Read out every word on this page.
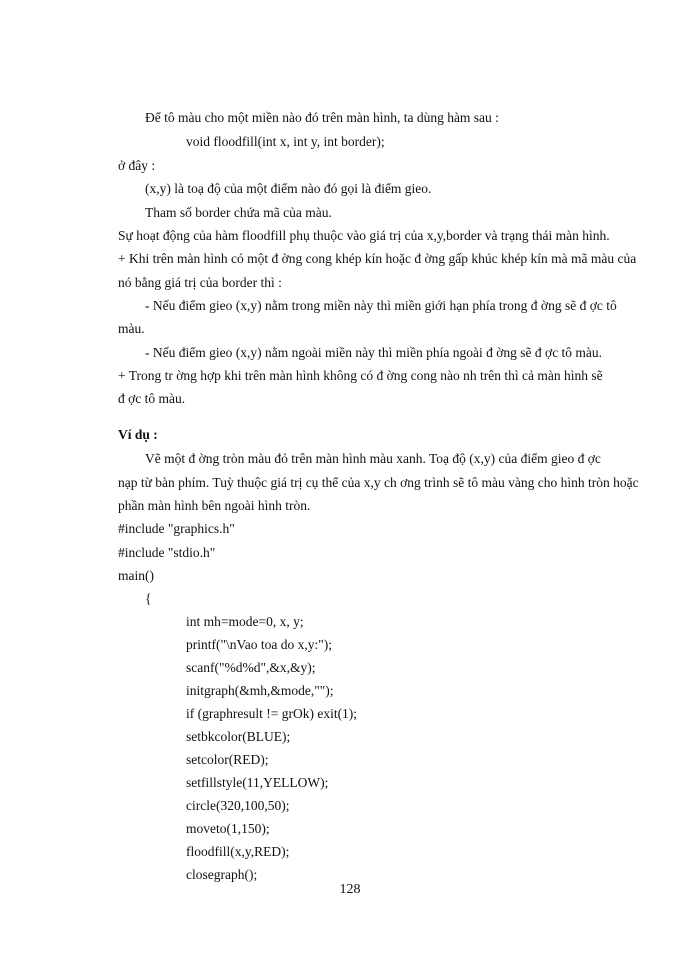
Để tô màu cho một miền nào đó trên màn hình, ta dùng hàm sau :
void floodfill(int x, int y, int border);
ở đây :
(x,y) là toạ độ của một điểm nào đó gọi là điểm gieo.
Tham số border chứa mã của màu.
Sự hoạt động của hàm floodfill phụ thuộc vào giá trị của x,y,border và trạng thái màn hình.
+ Khi trên màn hình có một đ ờng cong khép kín hoặc đ ờng gấp khúc khép kín mà mã màu của
nó bằng giá trị của border thì :
- Nếu điểm gieo (x,y) nằm trong miền này thì miền giới hạn phía trong đ ờng sẽ đ ợc tô
màu.
- Nếu điểm gieo (x,y) nằm ngoài miền này thì miền phía ngoài đ ờng sẽ đ ợc tô màu.
+ Trong tr ờng hợp khi trên màn hình không có đ ờng cong nào nh trên thì cả màn hình sẽ
đ ợc tô màu.
Ví dụ :
Vẽ một đ ờng tròn màu đỏ trên màn hình màu xanh. Toạ độ (x,y) của điểm gieo đ ợc
nạp từ bàn phím. Tuỳ thuộc giá trị cụ thể của x,y ch ơng trình sẽ tô màu vàng cho hình tròn hoặc
phần màn hình bên ngoài hình tròn.
#include "graphics.h"
#include "stdio.h"
main()
{
int mh=mode=0, x, y;
printf("\nVao toa do x,y:");
scanf("%d%d",&x,&y);
initgraph(&mh,&mode,"");
if (graphresult != grOk) exit(1);
setbkcolor(BLUE);
setcolor(RED);
setfillstyle(11,YELLOW);
circle(320,100,50);
moveto(1,150);
floodfill(x,y,RED);
closegraph();
128
